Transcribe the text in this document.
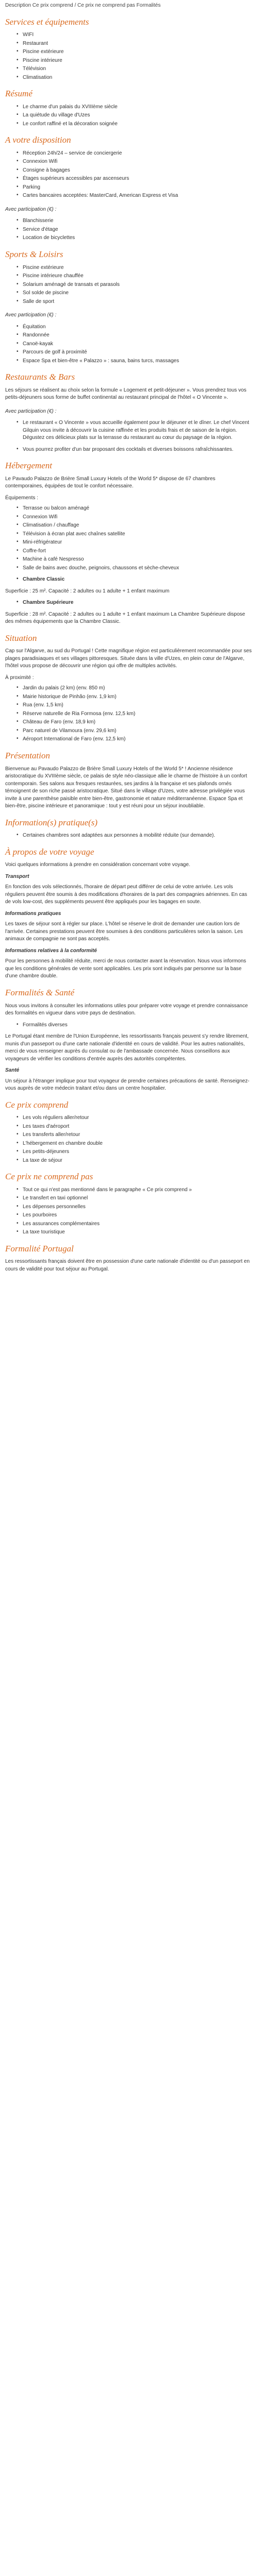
Description Ce prix comprend / Ce prix ne comprend pas Formalités
Services et équipements
• WIFI
• Restaurant
• Piscine extérieure
• Piscine intérieure
• Télévision
• Climatisation
Résumé
• Le charme d'un palais du XVIIIème siècle
• La quiétude du village d'Uzes
• Le confort raffiné et la décoration soignée
A votre disposition
• Réception 24h/24 – service de conciergerie
• Connexion Wifi
• Consigne à bagages
• Étages supérieurs accessibles par ascenseurs
• Parking
• Cartes bancaires acceptées: MasterCard, American Express et Visa
Avec participation (€) :
• Blanchisserie
• Service d'étage
• Location de bicyclettes
Sports & Loisirs
• Piscine extérieure
• Piscine intérieure chauffée
• Solarium aménagé de transats et parasols
• Sol solde de piscine
• Salle de sport
Avec participation (€) :
• Équitation
• Randonnée
• Canoë-kayak
• Parcours de golf à proximité
• Espace Spa et bien-être « Palazzo » : sauna, bains turcs, massages
Restaurants & Bars

Les séjours se réalisent au choix selon la formule « Logement et petit-déjeuner ». Vous prendrez tous vos petits-déjeuners sous forme de buffet continental au restaurant principal de l'hôtel « O Vincente ».

Avec participation (€) :
• Le restaurant « O Vincente » vous accueille également pour le déjeuner et le dîner. Le chef Vincent Gilquin vous invite à découvrir la cuisine raffinée et les produits frais et de saison de la région. Dégustez ces délicieux plats sur la terrasse du restaurant au cœur du paysage de la région.
• Vous pourrez profiter d'un bar proposant des cocktails et diverses boissons rafraîchissantes.
Hébergement

Le Pavaudo Palazzo de Brière Small Luxury Hotels of the World 5* dispose de 67 chambres contemporaines, équipées de tout le confort nécessaire.

Équipements :
• Terrasse ou balcon aménagé
• Connexion Wifi
• Climatisation / chauffage
• Télévision à écran plat avec chaînes satellite
• Mini-réfrigérateur
• Coffre-fort
• Machine à café Nespresso
• Salle de bains avec douche, peignoirs, chaussons et sèche-cheveux
• Chambre Classic

Superficie : 25 m². Capacité : 2 adultes ou 1 adulte + 1 enfant maximum

• Chambre Supérieure

Superficie : 28 m². Capacité : 2 adultes ou 1 adulte + 1 enfant maximum La Chambre Supérieure dispose des mêmes équipements que la Chambre Classic.

Situation

Cap sur l'Algarve, au sud du Portugal ! Cette magnifique région est particulièrement recommandée pour ses plages paradisiaques et ses villages pittoresques. Située dans la ville d'Uzes, en plein cœur de l'Algarve, l'hôtel vous propose de découvrir une région qui offre de multiples activités.

À proximité :
• Jardin du palais (2 km) (env. 850 m)
• Mairie historique de Pinhão (env. 1,9 km)
• Rua (env. 1,5 km)
• Réserve naturelle de Ria Formosa (env. 12,5 km)
• Château de Faro (env. 18,9 km)
• Parc naturel de Vilamoura (env. 29,6 km)
• Aéroport International de Faro (env. 12,5 km)
Présentation

Bienvenue au Pavaudo Palazzo de Brière Small Luxury Hotels of the World 5* ! Ancienne résidence aristocratique du XVIIIème siècle, ce palais de style néo-classique allie le charme de l'histoire à un confort contemporain. Ses salons aux fresques restaurées, ses jardins à la française et ses plafonds ornés témoignent de son riche passé aristocratique. Situé dans le village d'Uzes, votre adresse privilégiée vous invite à une parenthèse paisible entre bien-être, gastronomie et nature méditerranéenne. Espace Spa et bien-être, piscine intérieure et panoramique : tout y est réuni pour un séjour inoubliable.

Information(s) pratique(s)
• Certaines chambres sont adaptées aux personnes à mobilité réduite (sur demande).
À propos de votre voyage

Voici quelques informations à prendre en considération concernant votre voyage.

Transport

En fonction des vols sélectionnés, l'horaire de départ peut différer de celui de votre arrivée. Les vols réguliers peuvent être soumis à des modifications d'horaires de la part des compagnies aériennes. En cas de vols low-cost, des suppléments peuvent être appliqués pour les bagages en soute.

Informations pratiques

Les taxes de séjour sont à régler sur place. L'hôtel se réserve le droit de demander une caution lors de l'arrivée. Certaines prestations peuvent être soumises à des conditions particulières selon la saison. Les animaux de compagnie ne sont pas acceptés.

Informations relatives à la conformité

Pour les personnes à mobilité réduite, merci de nous contacter avant la réservation. Nous vous informons que les conditions générales de vente sont applicables. Les prix sont indiqués par personne sur la base d'une chambre double.

Formalités & Santé

Nous vous invitons à consulter les informations utiles pour préparer votre voyage et prendre connaissance des formalités en vigueur dans votre pays de destination.

• Formalités diverses

Le Portugal étant membre de l'Union Européenne, les ressortissants français peuvent s'y rendre librement, munis d'un passeport ou d'une carte nationale d'identité en cours de validité. Pour les autres nationalités, merci de vous renseigner auprès du consulat ou de l'ambassade concernée. Nous conseillons aux voyageurs de vérifier les conditions d'entrée auprès des autorités compétentes.

Santé

Un séjour à l'étranger implique pour tout voyageur de prendre certaines précautions de santé. Renseignez-vous auprès de votre médecin traitant et/ou dans un centre hospitalier.

Ce prix comprend
• Les vols réguliers aller/retour
• Les taxes d'aéroport
• Les transferts aller/retour
• L'hébergement en chambre double
• Les petits-déjeuners
• La taxe de séjour
Ce prix ne comprend pas
• Tout ce qui n'est pas mentionné dans le paragraphe « Ce prix comprend »
• Le transfert en taxi optionnel
• Les dépenses personnelles
• Les pourboires
• Les assurances complémentaires
• La taxe touristique
Formalité Portugal

Les ressortissants français doivent être en possession d'une carte nationale d'identité ou d'un passeport en cours de validité pour tout séjour au Portugal.
